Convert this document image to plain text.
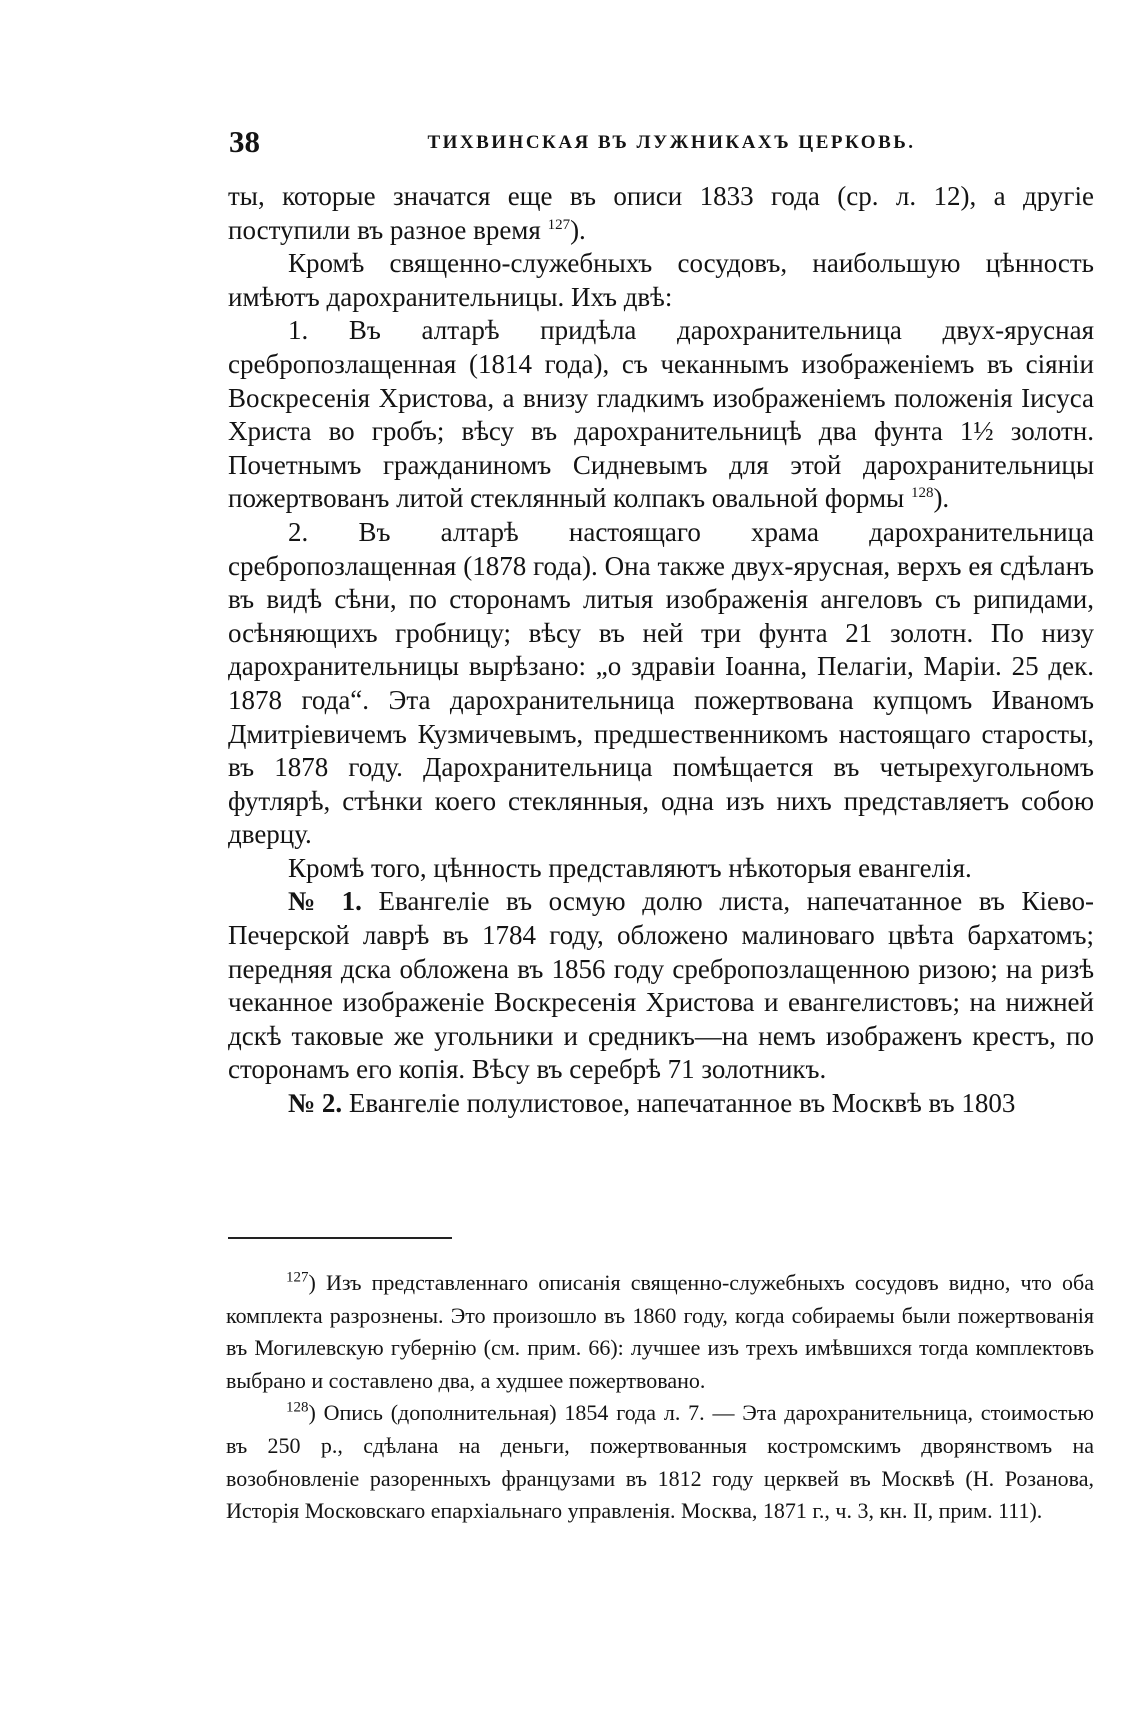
38	ТИХВИНСКАЯ ВЪ ЛУЖНИКАХЪ ЦЕРКОВЬ.

ты, которые значатся еще въ описи 1833 года (ср. л. 12), а другіе поступили въ разное время $^{127}$).

Кромѣ священно-служебныхъ сосудовъ, наибольшую цѣнность имѣютъ дарохранительницы. Ихъ двѣ:

1. Въ алтарѣ придѣла дарохранительница двух-ярусная сребропозлащенная (1814 года), съ чеканнымъ изображеніемъ въ сіяніи Воскресенія Христова, а внизу гладкимъ изображеніемъ положенія Іисуса Христа во гробъ; вѣсу въ дарохранительницѣ два фунта 1½ золотн. Почетнымъ гражданиномъ Сидневымъ для этой дарохранительницы пожертвованъ литой стеклянный колпакъ овальной формы $^{128}$).

2. Въ алтарѣ настоящаго храма дарохранительница сребропозлащенная (1878 года). Она также двух-ярусная, верхъ ея сдѣланъ въ видѣ сѣни, по сторонамъ литыя изображенія ангеловъ съ рипидами, осѣняющихъ гробницу; вѣсу въ ней три фунта 21 золотн. По низу дарохранительницы вырѣзано: „о здравіи Іоанна, Пелагіи, Маріи. 25 дек. 1878 года“. Эта дарохранительница пожертвована купцомъ Иваномъ Дмитріевичемъ Кузмичевымъ, предшественникомъ настоящаго старосты, въ 1878 году. Дарохранительница помѣщается въ четырехугольномъ футлярѣ, стѣнки коего стеклянныя, одна изъ нихъ представляетъ собою дверцу.

Кромѣ того, цѣнность представляютъ нѣкоторыя евангелія.

№ 1. Евангеліе въ осмую долю листа, напечатанное въ Кіево-Печерской лаврѣ въ 1784 году, обложено малиноваго цвѣта бархатомъ; передняя дска обложена въ 1856 году сребропозлащенною ризою; на ризѣ чеканное изображеніе Воскресенія Христова и евангелистовъ; на нижней дскѣ таковые же угольники и средникъ—на немъ изображенъ крестъ, по сторонамъ его копія. Вѣсу въ серебрѣ 71 золотникъ.

№ 2. Евангеліе полулистовое, напечатанное въ Москвѣ въ 1803

$^{127}$) Изъ представленнаго описанія священно-служебныхъ сосудовъ видно, что оба комплекта разрознены. Это произошло въ 1860 году, когда собираемы были пожертвованія въ Могилевскую губернію (см. прим. 66): лучшее изъ трехъ имѣвшихся тогда комплектовъ выбрано и составлено два, а худшее пожертвовано.

$^{128}$) Опись (дополнительная) 1854 года л. 7. — Эта дарохранительница, стоимостью въ 250 р., сдѣлана на деньги, пожертвованныя костромскимъ дворянствомъ на возобновленіе разоренныхъ французами въ 1812 году церквей въ Москвѣ (Н. Розанова, Исторія Московскаго епархіальнаго управленія. Москва, 1871 г., ч. 3, кн. II, прим. 111).
